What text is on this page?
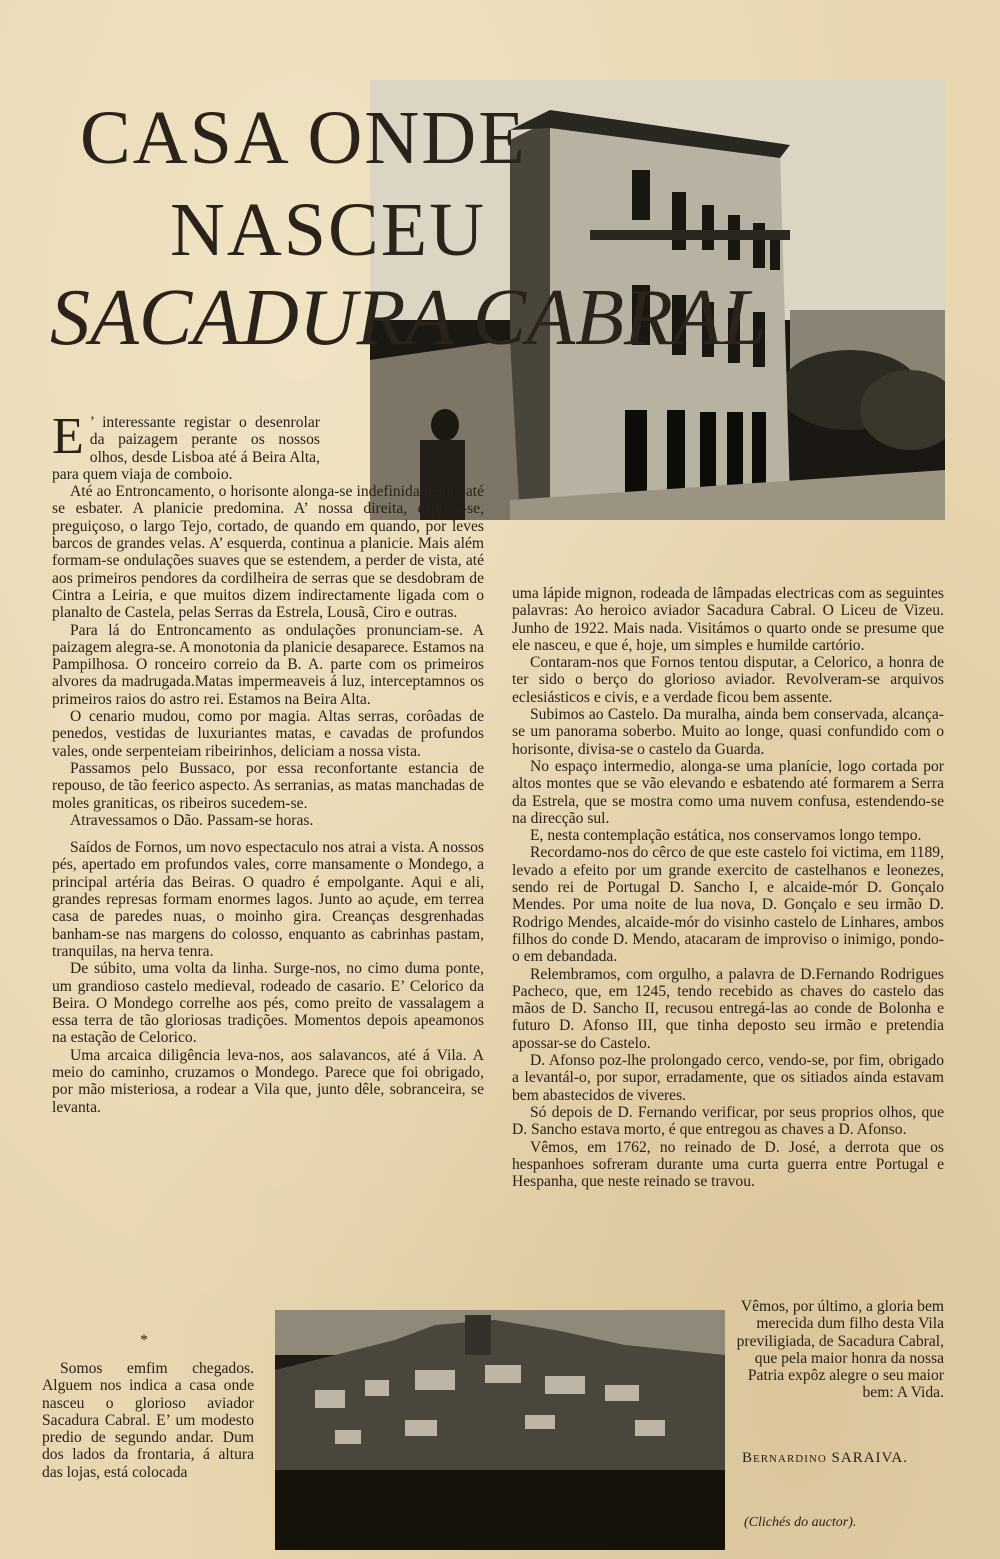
CASA ONDE
NASCEU
SACADURA CABRAL
E ’ interessante registar o desenrolar da paizagem perante os nossos olhos, desde Lisboa até á Beira Alta, para quem viaja de comboio.

Até ao Entroncamento, o horisonte alonga-se indefinidamente, até se esbater. A planicie predomina. A’ nossa direita, espraia-se, preguiçoso, o largo Tejo, cortado, de quando em quando, por leves barcos de grandes velas. A’ esquerda, continua a planicie. Mais além formam-se ondulações suaves que se estendem, a perder de vista, até aos primeiros pendores da cordilheira de serras que se desdobram de Cintra a Leiria, e que muitos dizem indirectamente ligada com o planalto de Castela, pelas Serras da Estrela, Lousã, Ciro e outras.

Para lá do Entroncamento as ondulações pronunciam-se. A paizagem alegra-se. A monotonia da planicie desaparece. Estamos na Pampilhosa. O ronceiro correio da B. A. parte com os primeiros alvores da madrugada.Matas impermeaveis á luz, interceptamnos os primeiros raios do astro rei. Estamos na Beira Alta.

O cenario mudou, como por magia. Altas serras, corôadas de penedos, vestidas de luxuriantes matas, e cavadas de profundos vales, onde serpenteiam ribeirinhos, deliciam a nossa vista.

Passamos pelo Bussaco, por essa reconfortante estancia de repouso, de tão feerico aspecto. As serranias, as matas manchadas de moles graniticas, os ribeiros sucedem-se.

Atravessamos o Dão. Passam-se horas.

Saídos de Fornos, um novo espectaculo nos atrai a vista. A nossos pés, apertado em profundos vales, corre mansamente o Mondego, a principal artéria das Beiras. O quadro é empolgante. Aqui e ali, grandes represas formam enormes lagos. Junto ao açude, em terrea casa de paredes nuas, o moinho gira. Creanças desgrenhadas banham-se nas margens do colosso, enquanto as cabrinhas pastam, tranquilas, na herva tenra.

De súbito, uma volta da linha. Surge-nos, no cimo duma ponte, um grandioso castelo medieval, rodeado de casario. E’ Celorico da Beira. O Mondego correlhe aos pés, como preito de vassalagem a essa terra de tão gloriosas tradições. Momentos depois apeamonos na estação de Celorico.

Uma arcaica diligência leva-nos, aos salavancos, até á Vila. A meio do caminho, cruzamos o Mondego. Parece que foi obrigado, por mão misteriosa, a rodear a Vila que, junto dêle, sobranceira, se levanta.

*

Somos emfim chegados. Alguem nos indica a casa onde nasceu o glorioso aviador Sacadura Cabral. E’ um modesto predio de segundo andar. Dum dos lados da frontaria, á altura das lojas, está colocada

uma lápide mignon, rodeada de lâmpadas electricas com as seguintes palavras: Ao heroico aviador Sacadura Cabral. O Liceu de Vizeu. Junho de 1922. Mais nada. Visitámos o quarto onde se presume que ele nasceu, e que é, hoje, um simples e humilde cartório.

Contaram-nos que Fornos tentou disputar, a Celorico, a honra de ter sido o berço do glorioso aviador. Revolveram-se arquivos eclesiásticos e civis, e a verdade ficou bem assente.

Subimos ao Castelo. Da muralha, ainda bem conservada, alcança-se um panorama soberbo. Muito ao longe, quasi confundido com o horisonte, divisa-se o castelo da Guarda.

No espaço intermedio, alonga-se uma planície, logo cortada por altos montes que se vão elevando e esbatendo até formarem a Serra da Estrela, que se mostra como uma nuvem confusa, estendendo-se na direcção sul.

E, nesta contemplação estática, nos conservamos longo tempo.

Recordamo-nos do cêrco de que este castelo foi victima, em 1189, levado a efeito por um grande exercito de castelhanos e leonezes, sendo rei de Portugal D. Sancho I, e alcaide-mór D. Gonçalo Mendes. Por uma noite de lua nova, D. Gonçalo e seu irmão D. Rodrigo Mendes, alcaide-mór do visinho castelo de Linhares, ambos filhos do conde D. Mendo, atacaram de improviso o inimigo, pondo-o em debandada.

Relembramos, com orgulho, a palavra de D.Fernando Rodrigues Pacheco, que, em 1245, tendo recebido as chaves do castelo das mãos de D. Sancho II, recusou entregá-las ao conde de Bolonha e futuro D. Afonso III, que tinha deposto seu irmão e pretendia apossar-se do Castelo.

D. Afonso poz-lhe prolongado cerco, vendo-se, por fim, obrigado a levantál-o, por supor, erradamente, que os sitiados ainda estavam bem abastecidos de viveres.

Só depois de D. Fernando verificar, por seus proprios olhos, que D. Sancho estava morto, é que entregou as chaves a D. Afonso.

Vêmos, em 1762, no reinado de D. José, a derrota que os hespanhoes sofreram durante uma curta guerra entre Portugal e Hespanha, que neste reinado se travou.

Vêmos, por último, a gloria bem merecida dum filho desta Vila previligiada, de Sacadura Cabral, que pela maior honra da nossa Patria expôz alegre o seu maior bem: A Vida.

Bernardino SARAIVA.
(Clichés do auctor).
